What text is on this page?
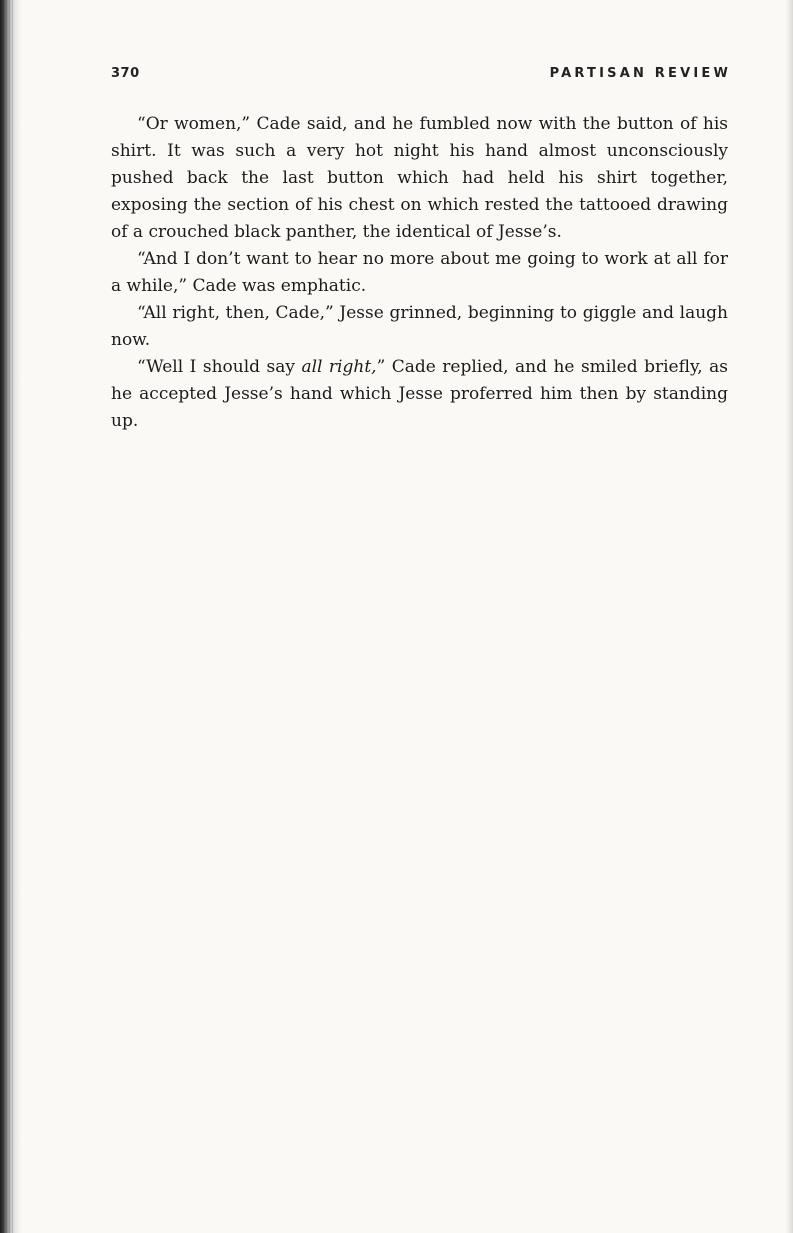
370	PARTISAN REVIEW

“Or women,” Cade said, and he fumbled now with the button of his shirt. It was such a very hot night his hand almost unconsciously pushed back the last button which had held his shirt together, exposing the section of his chest on which rested the tattooed drawing of a crouched black panther, the identical of Jesse’s.

“And I don’t want to hear no more about me going to work at all for a while,” Cade was emphatic.

“All right, then, Cade,” Jesse grinned, beginning to giggle and laugh now.

“Well I should say all right,” Cade replied, and he smiled briefly, as he accepted Jesse’s hand which Jesse proferred him then by standing up.
